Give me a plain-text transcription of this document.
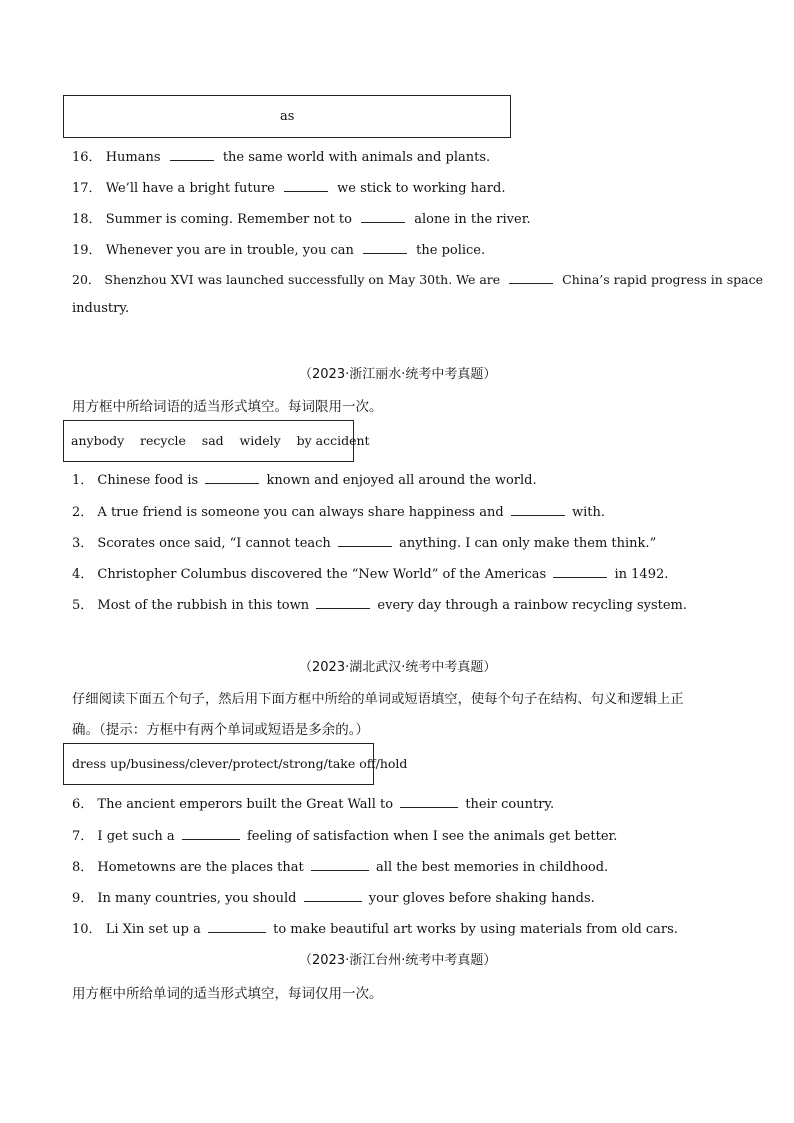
as
16． Humans	the same world with animals and plants.
17． We’ll have a bright future	we stick to working hard.
18． Summer is coming. Remember not to	alone in the river.
19． Whenever you are in trouble, you can	the police.
20． Shenzhou XVI was launched successfully on May 30th. We are	China’s rapid progress in space
industry.
（2023·浙江丽水·统考中考真题）
用方框中所给词语的适当形式填空。每词限用一次。
anybody    recycle    sad    widely    by accident
1． Chinese food is	known and enjoyed all around the world.
2． A true friend is someone you can always share happiness and	with.
3． Scorates once said, “I cannot teach	anything. I can only make them think.”
4． Christopher Columbus discovered the “New World” of the Americas	in 1492.
5． Most of the rubbish in this town	every day through a rainbow recycling system.
（2023·湖北武汉·统考中考真题）
仔细阅读下面五个句子，然后用下面方框中所给的单词或短语填空，使每个句子在结构、句义和逻辑上正
确。（提示：方框中有两个单词或短语是多余的。）
dress up/business/clever/protect/strong/take off/hold
6． The ancient emperors built the Great Wall to	their country.
7． I get such a	feeling of satisfaction when I see the animals get better.
8． Hometowns are the places that	all the best memories in childhood.
9． In many countries, you should	your gloves before shaking hands.
10． Li Xin set up a	to make beautiful art works by using materials from old cars.
（2023·浙江台州·统考中考真题）
用方框中所给单词的适当形式填空，每词仅用一次。
